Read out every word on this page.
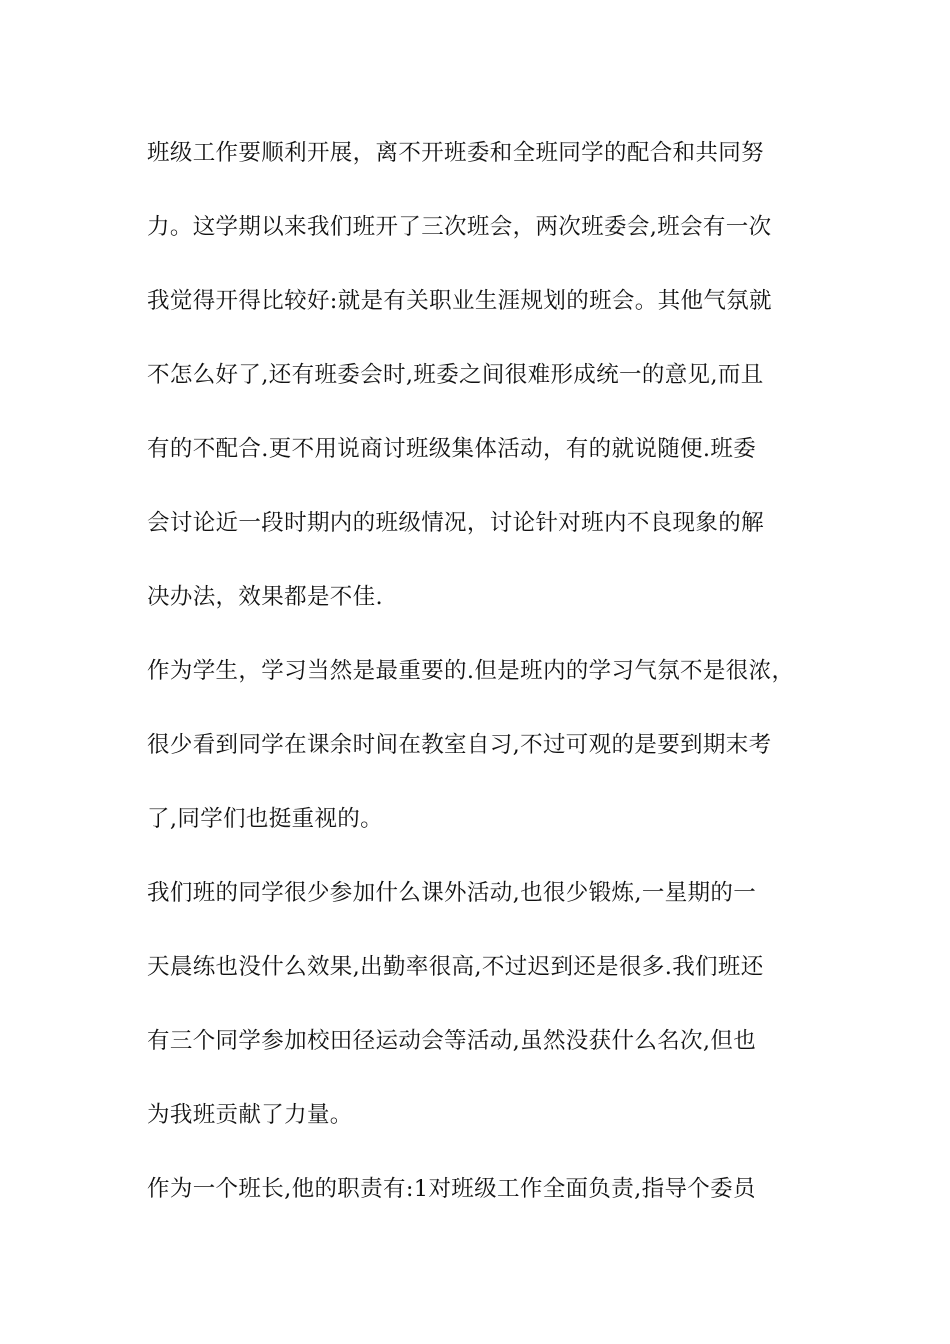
班级工作要顺利开展，离不开班委和全班同学的配合和共同努

力。这学期以来我们班开了三次班会，两次班委会,班会有一次

我觉得开得比较好:就是有关职业生涯规划的班会。其他气氛就

不怎么好了,还有班委会时,班委之间很难形成统一的意见,而且

有的不配合.更不用说商讨班级集体活动，有的就说随便.班委

会讨论近一段时期内的班级情况，讨论针对班内不良现象的解

决办法，效果都是不佳.

作为学生，学习当然是最重要的.但是班内的学习气氛不是很浓，

很少看到同学在课余时间在教室自习,不过可观的是要到期末考

了,同学们也挺重视的。

我们班的同学很少参加什么课外活动,也很少锻炼,一星期的一

天晨练也没什么效果,出勤率很高,不过迟到还是很多.我们班还

有三个同学参加校田径运动会等活动,虽然没获什么名次,但也

为我班贡献了力量。

作为一个班长,他的职责有:1对班级工作全面负责,指导个委员
